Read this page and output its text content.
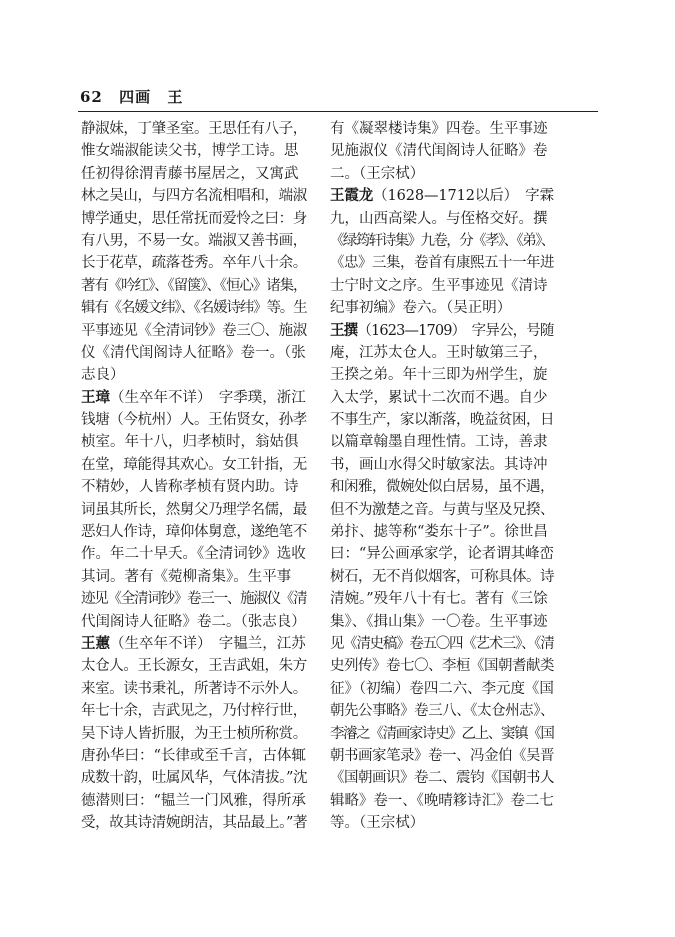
62 四画 王
静淑妹，丁肇圣室。王思任有八子，
惟女端淑能读父书，博学工诗。思
任初得徐渭青藤书屋居之，又寓武
林之吴山，与四方名流相唱和，端淑
博学通史，思任常抚而爱怜之曰：身
有八男，不易一女。端淑又善书画，
长于花草，疏落苍秀。卒年八十余。
著有《吟红》、《留箧》、《恒心》诸集，
辑有《名媛文纬》、《名媛诗纬》等。生
平事迹见《全清词钞》卷三〇、施淑
仪《清代闺阁诗人征略》卷一。（张
志良）
王璋（生卒年不详）　字季璞，浙江
钱塘（今杭州）人。王佑贤女，孙孝
桢室。年十八，归孝桢时，翁姑俱
在堂，璋能得其欢心。女工针指，无
不精妙，人皆称孝桢有贤内助。诗
词虽其所长，然舅父乃理学名儒，最
恶妇人作诗，璋仰体舅意，遂绝笔不
作。年二十早夭。《全清词钞》选收
其词。著有《菀柳斋集》。生平事
迹见《全清词钞》卷三一、施淑仪《清
代闺阁诗人征略》卷二。（张志良）
王蕙（生卒年不详）　字韫兰，江苏
太仓人。王长源女，王吉武姐，朱方
来室。读书秉礼，所著诗不示外人。
年七十余，吉武见之，乃付梓行世，
吴下诗人皆折服，为王士桢所称赏。
唐孙华曰：“长律或至千言，古体辄
成数十韵，吐属风华，气体清拔。”沈
德潜则曰：“韫兰一门风雅，得所承
受，故其诗清婉朗洁，其品最上。”著
有《凝翠楼诗集》四卷。生平事迹
见施淑仪《清代闺阁诗人征略》卷
二。（王宗栻）
王霞龙（1628—1712以后）　字霖
九，山西高梁人。与侄格交好。撰
《绿筠轩诗集》九卷，分《孝》、《弟》、
《忠》三集，卷首有康熙五十一年进
士宁时文之序。生平事迹见《清诗
纪事初编》卷六。（吴正明）
王撰（1623—1709）　字异公，号随
庵，江苏太仓人。王时敏第三子，
王揆之弟。年十三即为州学生，旋
入太学，累试十二次而不遇。自少
不事生产，家以渐落，晚益贫困，日
以篇章翰墨自理性情。工诗，善隶
书，画山水得父时敏家法。其诗冲
和闲雅，微婉处似白居易，虽不遇，
但不为激楚之音。与黄与坚及兄揆、
弟抃、摅等称“娄东十子”。徐世昌
曰：“异公画承家学，论者谓其峰峦
树石，无不肖似烟客，可称具体。诗
清婉。”殁年八十有七。著有《三馀
集》、《揖山集》一〇卷。生平事迹
见《清史稿》卷五〇四《艺术三》、《清
史列传》卷七〇、李桓《国朝耆献类
征》（初编）卷四二六、李元度《国
朝先公事略》卷三八、《太仓州志》、
李濬之《清画家诗史》乙上、窦镇《国
朝书画家笔录》卷一、冯金伯《吴晋
《国朝画识》卷二、震钧《国朝书人
辑略》卷一、《晚晴簃诗汇》卷二七
等。（王宗栻）
